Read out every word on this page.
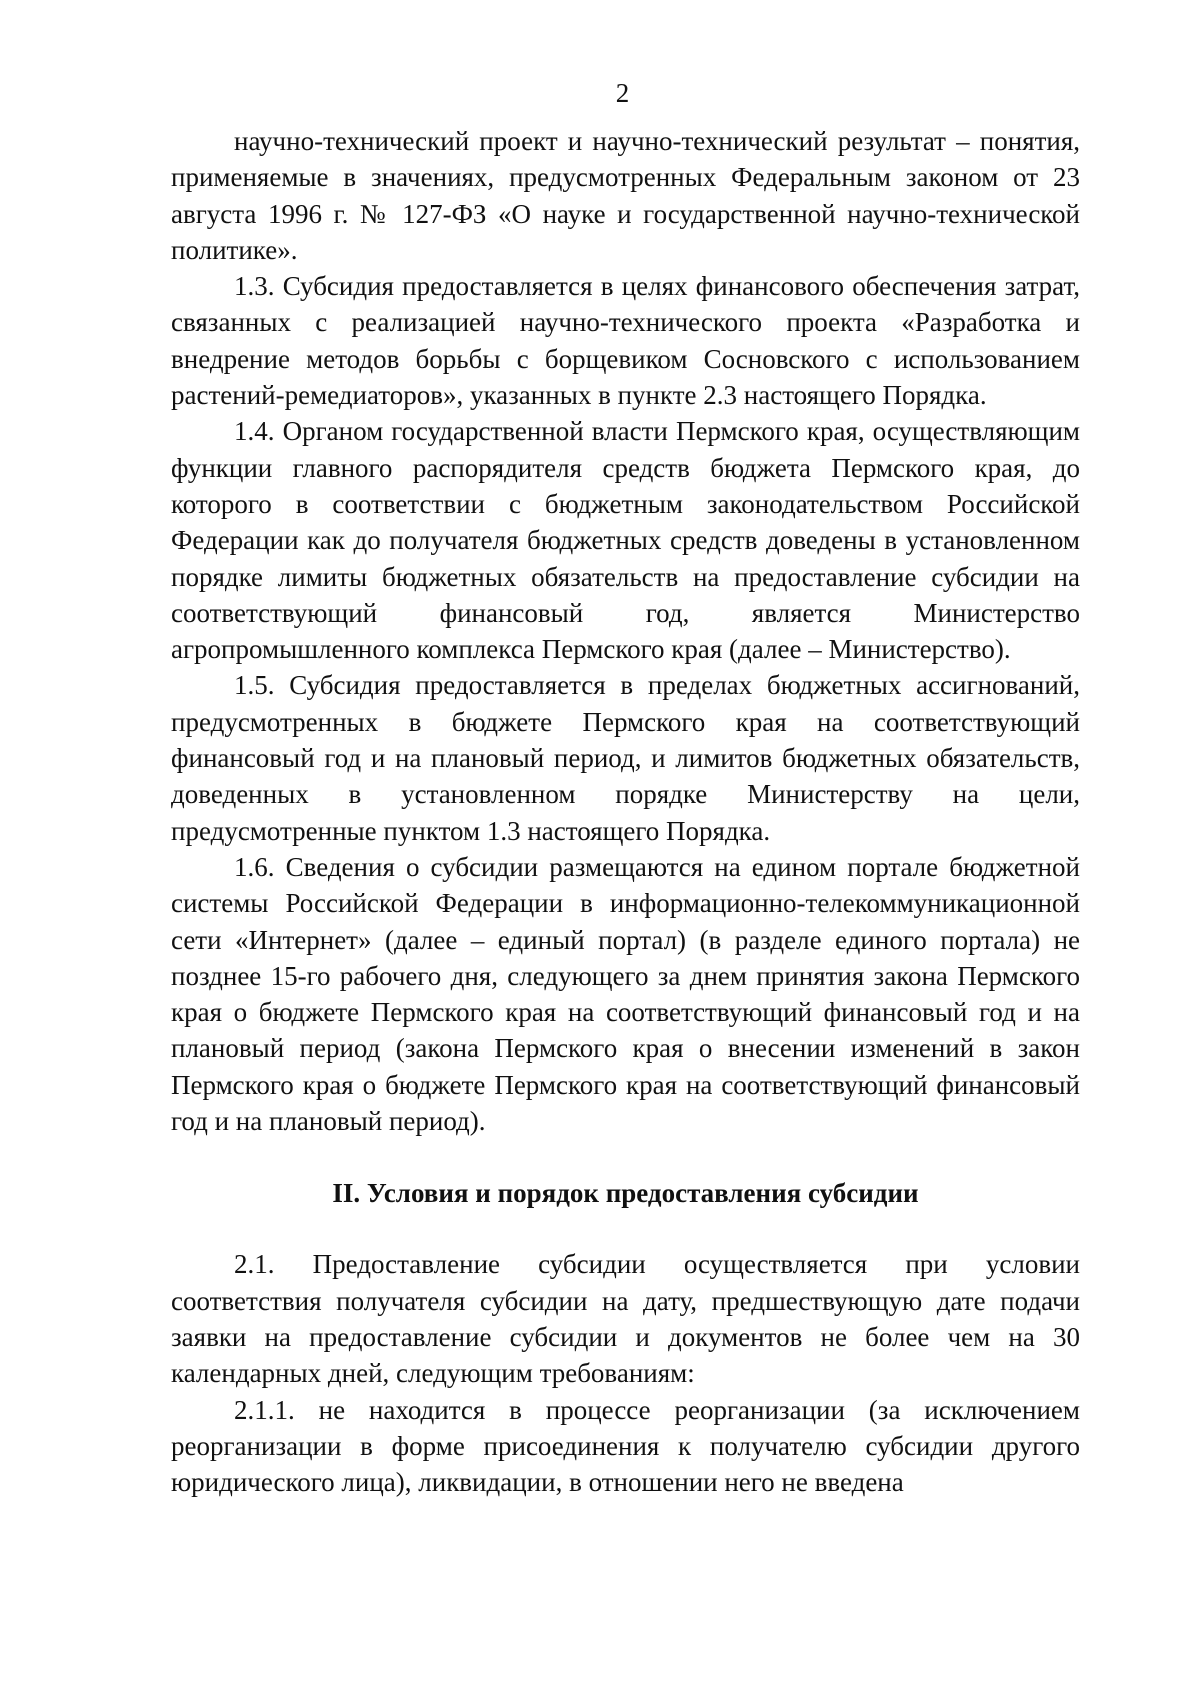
2

научно-технический проект и научно-технический результат – понятия, применяемые в значениях, предусмотренных Федеральным законом от 23 августа 1996 г. № 127-ФЗ «О науке и государственной научно-технической политике».

1.3. Субсидия предоставляется в целях финансового обеспечения затрат, связанных с реализацией научно-технического проекта «Разработка и внедрение методов борьбы с борщевиком Сосновского с использованием растений-ремедиаторов», указанных в пункте 2.3 настоящего Порядка.

1.4. Органом государственной власти Пермского края, осуществляющим функции главного распорядителя средств бюджета Пермского края, до которого в соответствии с бюджетным законодательством Российской Федерации как до получателя бюджетных средств доведены в установленном порядке лимиты бюджетных обязательств на предоставление субсидии на соответствующий финансовый год, является Министерство агропромышленного комплекса Пермского края (далее – Министерство).

1.5. Субсидия предоставляется в пределах бюджетных ассигнований, предусмотренных в бюджете Пермского края на соответствующий финансовый год и на плановый период, и лимитов бюджетных обязательств, доведенных в установленном порядке Министерству на цели, предусмотренные пунктом 1.3 настоящего Порядка.

1.6. Сведения о субсидии размещаются на едином портале бюджетной системы Российской Федерации в информационно-телекоммуникационной сети «Интернет» (далее – единый портал) (в разделе единого портала) не позднее 15-го рабочего дня, следующего за днем принятия закона Пермского края о бюджете Пермского края на соответствующий финансовый год и на плановый период (закона Пермского края о внесении изменений в закон Пермского края о бюджете Пермского края на соответствующий финансовый год и на плановый период).

II. Условия и порядок предоставления субсидии

2.1. Предоставление субсидии осуществляется при условии соответствия получателя субсидии на дату, предшествующую дате подачи заявки на предоставление субсидии и документов не более чем на 30 календарных дней, следующим требованиям:

2.1.1. не находится в процессе реорганизации (за исключением реорганизации в форме присоединения к получателю субсидии другого юридического лица), ликвидации, в отношении него не введена
